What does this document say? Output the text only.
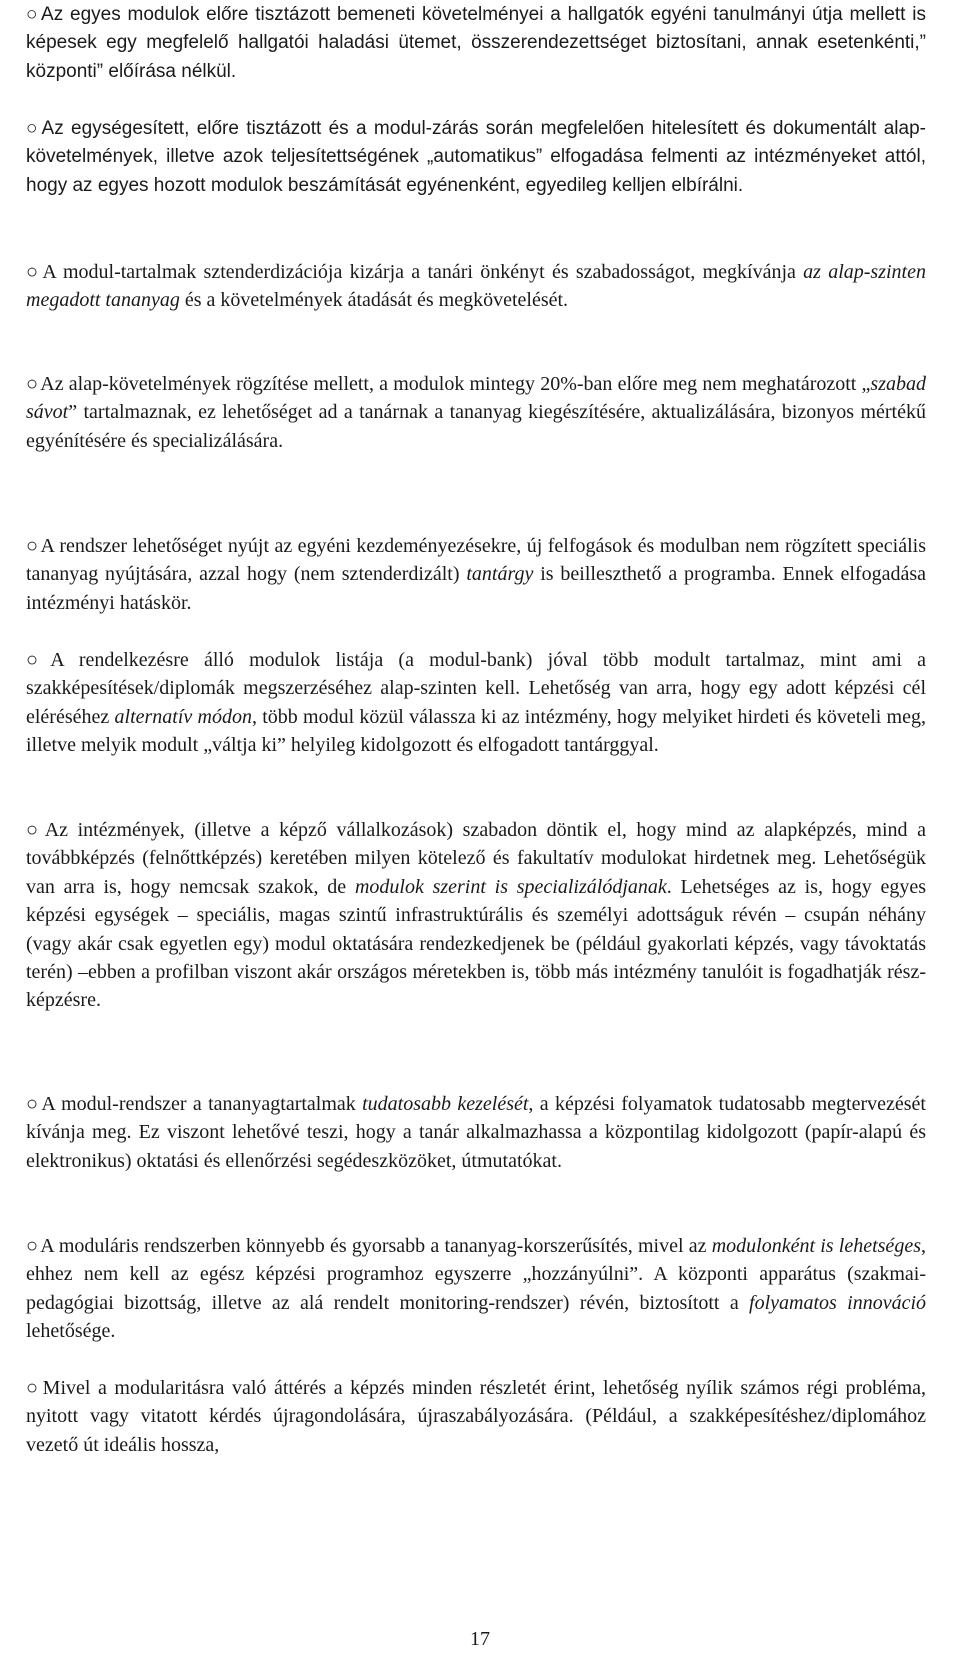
○ Az egyes modulok előre tisztázott bemeneti követelményei a hallgatók egyéni tanulmányi útja mellett is képesek egy megfelelő hallgatói haladási ütemet, összerendezettséget biztosítani, annak esetenkénti,” központi” előírása nélkül.

○ Az egységesített, előre tisztázott és a modul-zárás során megfelelően hitelesített és dokumentált alap-követelmények, illetve azok teljesítettségének „automatikus” elfogadása felmenti az intézményeket attól, hogy az egyes hozott modulok beszámítását egyénenként, egyedileg kelljen elbírálni.

○ A modul-tartalmak sztenderdizációja kizárja a tanári önkényt és szabadosságot, megkívánja az alap-szinten megadott tananyag és a követelmények átadását és megkövetelését.

○ Az alap-követelmények rögzítése mellett, a modulok mintegy 20%-ban előre meg nem meghatározott „szabad sávot” tartalmaznak, ez lehetőséget ad a tanárnak a tananyag kiegészítésére, aktualizálására, bizonyos mértékű egyénítésére és specializálására.

○ A rendszer lehetőséget nyújt az egyéni kezdeményezésekre, új felfogások és modulban nem rögzített speciális tananyag nyújtására, azzal hogy (nem sztenderdizált) tantárgy is beilleszthető a programba. Ennek elfogadása intézményi hatáskör.

○ A rendelkezésre álló modulok listája (a modul-bank) jóval több modult tartalmaz, mint ami a szakképesítések/diplomák megszerzéséhez alap-szinten kell. Lehetőség van arra, hogy egy adott képzési cél eléréséhez alternatív módon, több modul közül válassza ki az intézmény, hogy melyiket hirdeti és követeli meg, illetve melyik modult „váltja ki” helyileg kidolgozott és elfogadott tantárggyal.

○ Az intézmények, (illetve a képző vállalkozások) szabadon döntik el, hogy mind az alapképzés, mind a továbbképzés (felnőttképzés) keretében milyen kötelező és fakultatív modulokat hirdetnek meg. Lehetőségük van arra is, hogy nemcsak szakok, de modulok szerint is specializálódjanak. Lehetséges az is, hogy egyes képzési egységek – speciális, magas szintű infrastruktúrális és személyi adottságuk révén – csupán néhány (vagy akár csak egyetlen egy) modul oktatására rendezkedjenek be (például gyakorlati képzés, vagy távoktatás terén) –ebben a profilban viszont akár országos méretekben is, több más intézmény tanulóit is fogadhatják rész-képzésre.

○ A modul-rendszer a tananyagtartalmak tudatosabb kezelését, a képzési folyamatok tudatosabb megtervezését kívánja meg. Ez viszont lehetővé teszi, hogy a tanár alkalmazhassa a központilag kidolgozott (papír-alapú és elektronikus) oktatási és ellenőrzési segédeszközöket, útmutatókat.

○ A moduláris rendszerben könnyebb és gyorsabb a tananyag-korszerűsítés, mivel az modulonként is lehetséges, ehhez nem kell az egész képzési programhoz egyszerre „hozzányúlni”. A központi apparátus (szakmai-pedagógiai bizottság, illetve az alá rendelt monitoring-rendszer) révén, biztosított a folyamatos innováció lehetősége.

○ Mivel a modularitásra való áttérés a képzés minden részletét érint, lehetőség nyílik számos régi probléma, nyitott vagy vitatott kérdés újragondolására, újraszabályozására. (Például, a szakképesítéshez/diplomához vezető út ideális hossza,

17
